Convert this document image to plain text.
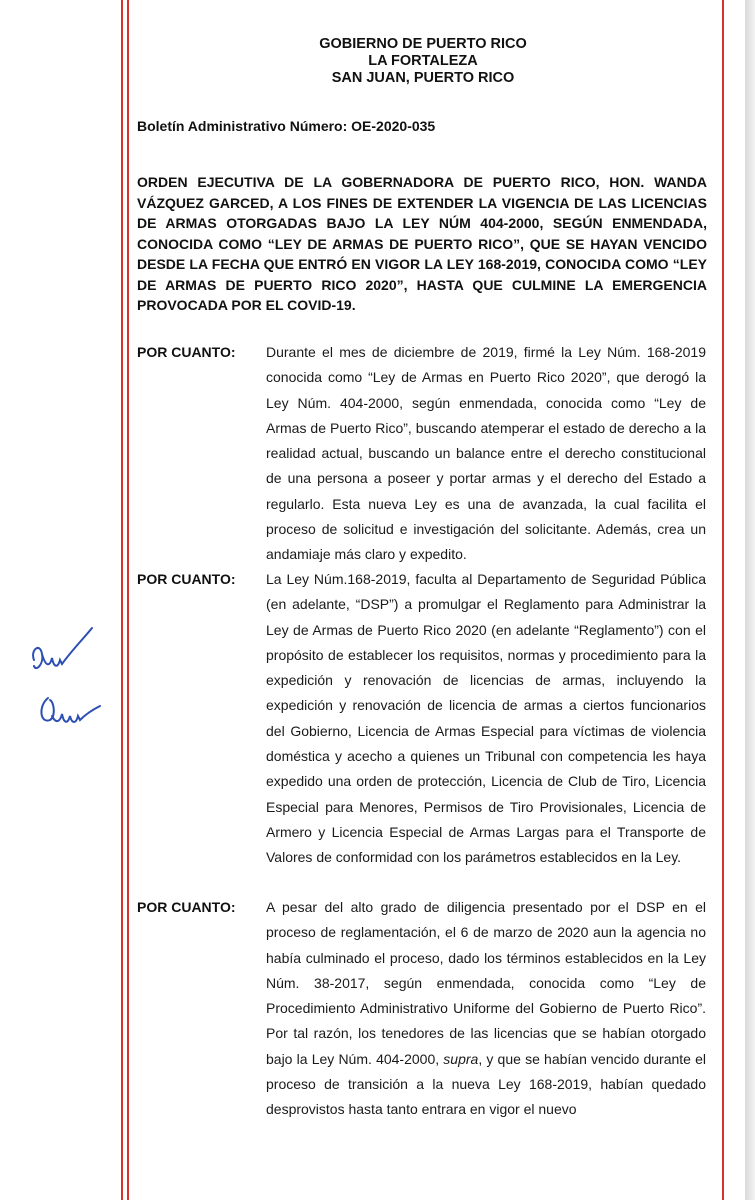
GOBIERNO DE PUERTO RICO
LA FORTALEZA
SAN JUAN, PUERTO RICO
Boletín Administrativo Número: OE-2020-035
ORDEN EJECUTIVA DE LA GOBERNADORA DE PUERTO RICO, HON. WANDA VÁZQUEZ GARCED, A LOS FINES DE EXTENDER LA VIGENCIA DE LAS LICENCIAS DE ARMAS OTORGADAS BAJO LA LEY NÚM 404-2000, SEGÚN ENMENDADA, CONOCIDA COMO “LEY DE ARMAS DE PUERTO RICO”, QUE SE HAYAN VENCIDO DESDE LA FECHA QUE ENTRÓ EN VIGOR LA LEY 168-2019, CONOCIDA COMO “LEY DE ARMAS DE PUERTO RICO 2020”, HASTA QUE CULMINE LA EMERGENCIA PROVOCADA POR EL COVID-19.
POR CUANTO: Durante el mes de diciembre de 2019, firmé la Ley Núm. 168-2019 conocida como “Ley de Armas en Puerto Rico 2020”, que derogó la Ley Núm. 404-2000, según enmendada, conocida como “Ley de Armas de Puerto Rico”, buscando atemperar el estado de derecho a la realidad actual, buscando un balance entre el derecho constitucional de una persona a poseer y portar armas y el derecho del Estado a regularlo. Esta nueva Ley es una de avanzada, la cual facilita el proceso de solicitud e investigación del solicitante. Además, crea un andamiaje más claro y expedito.
POR CUANTO: La Ley Núm.168-2019, faculta al Departamento de Seguridad Pública (en adelante, “DSP”) a promulgar el Reglamento para Administrar la Ley de Armas de Puerto Rico 2020 (en adelante “Reglamento”) con el propósito de establecer los requisitos, normas y procedimiento para la expedición y renovación de licencias de armas, incluyendo la expedición y renovación de licencia de armas a ciertos funcionarios del Gobierno, Licencia de Armas Especial para víctimas de violencia doméstica y acecho a quienes un Tribunal con competencia les haya expedido una orden de protección, Licencia de Club de Tiro, Licencia Especial para Menores, Permisos de Tiro Provisionales, Licencia de Armero y Licencia Especial de Armas Largas para el Transporte de Valores de conformidad con los parámetros establecidos en la Ley.
POR CUANTO: A pesar del alto grado de diligencia presentado por el DSP en el proceso de reglamentación, el 6 de marzo de 2020 aun la agencia no había culminado el proceso, dado los términos establecidos en la Ley Núm. 38-2017, según enmendada, conocida como “Ley de Procedimiento Administrativo Uniforme del Gobierno de Puerto Rico”. Por tal razón, los tenedores de las licencias que se habían otorgado bajo la Ley Núm. 404-2000, supra, y que se habían vencido durante el proceso de transición a la nueva Ley 168-2019, habían quedado desprovistos hasta tanto entrara en vigor el nuevo
